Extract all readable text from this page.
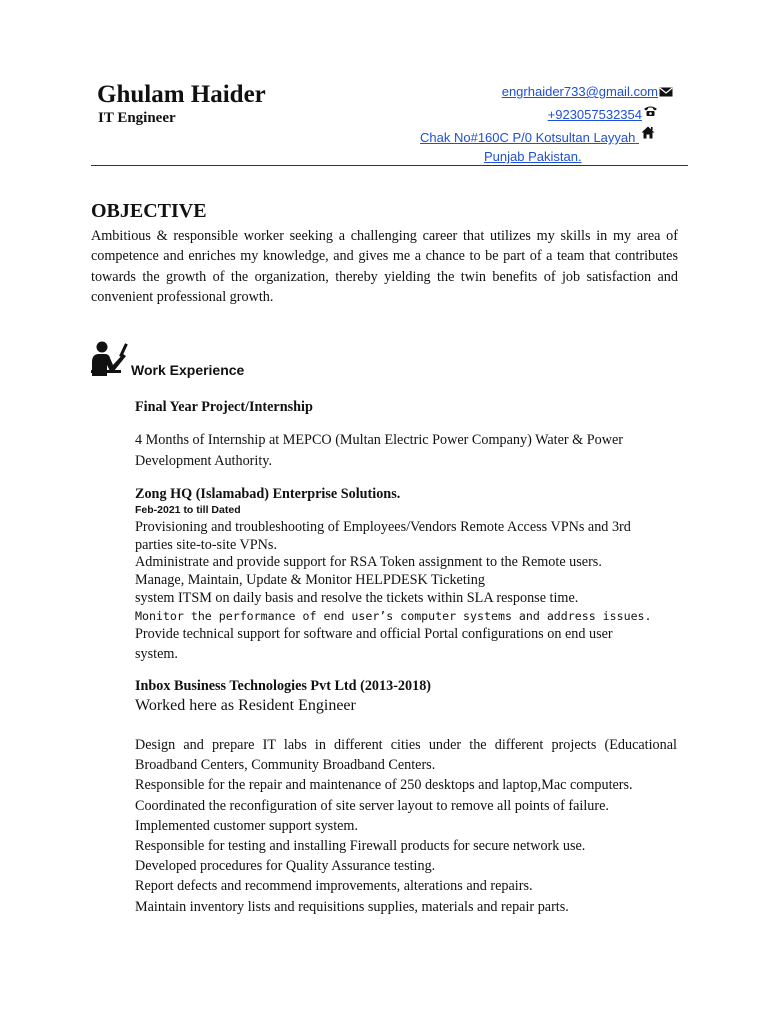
Ghulam Haider
IT Engineer
engrhaider733@gmail.com
+923057532354
Chak No#160C P/0 Kotsultan Layyah
Punjab Pakistan.
OBJECTIVE
Ambitious & responsible worker seeking a challenging career that utilizes my skills in my area of competence and enriches my knowledge, and gives me a chance to be part of a team that contributes towards the growth of the organization, thereby yielding the twin benefits of job satisfaction and convenient professional growth.
Work Experience
Final Year Project/Internship
4 Months of Internship at MEPCO (Multan Electric Power Company) Water & Power Development Authority.
Zong HQ (Islamabad) Enterprise Solutions.
Feb-2021 to till Dated
Provisioning and troubleshooting of Employees/Vendors Remote Access VPNs and 3rd
parties site-to-site VPNs.
Administrate and provide support for RSA Token assignment to the Remote users.
Manage, Maintain, Update & Monitor HELPDESK Ticketing
system ITSM on daily basis and resolve the tickets within SLA response time.
Monitor the performance of end user’s computer systems and address issues.
Provide technical support for software and official Portal configurations on end user
system.
Inbox Business Technologies Pvt Ltd (2013-2018)
Worked here as Resident Engineer
Design and prepare IT labs in different cities under the different projects (Educational Broadband Centers, Community Broadband Centers.
Responsible for the repair and maintenance of 250 desktops and laptop,Mac computers.
Coordinated the reconfiguration of site server layout to remove all points of failure.
Implemented customer support system.
Responsible for testing and installing Firewall products for secure network use.
Developed procedures for Quality Assurance testing.
Report defects and recommend improvements, alterations and repairs.
Maintain inventory lists and requisitions supplies, materials and repair parts.
